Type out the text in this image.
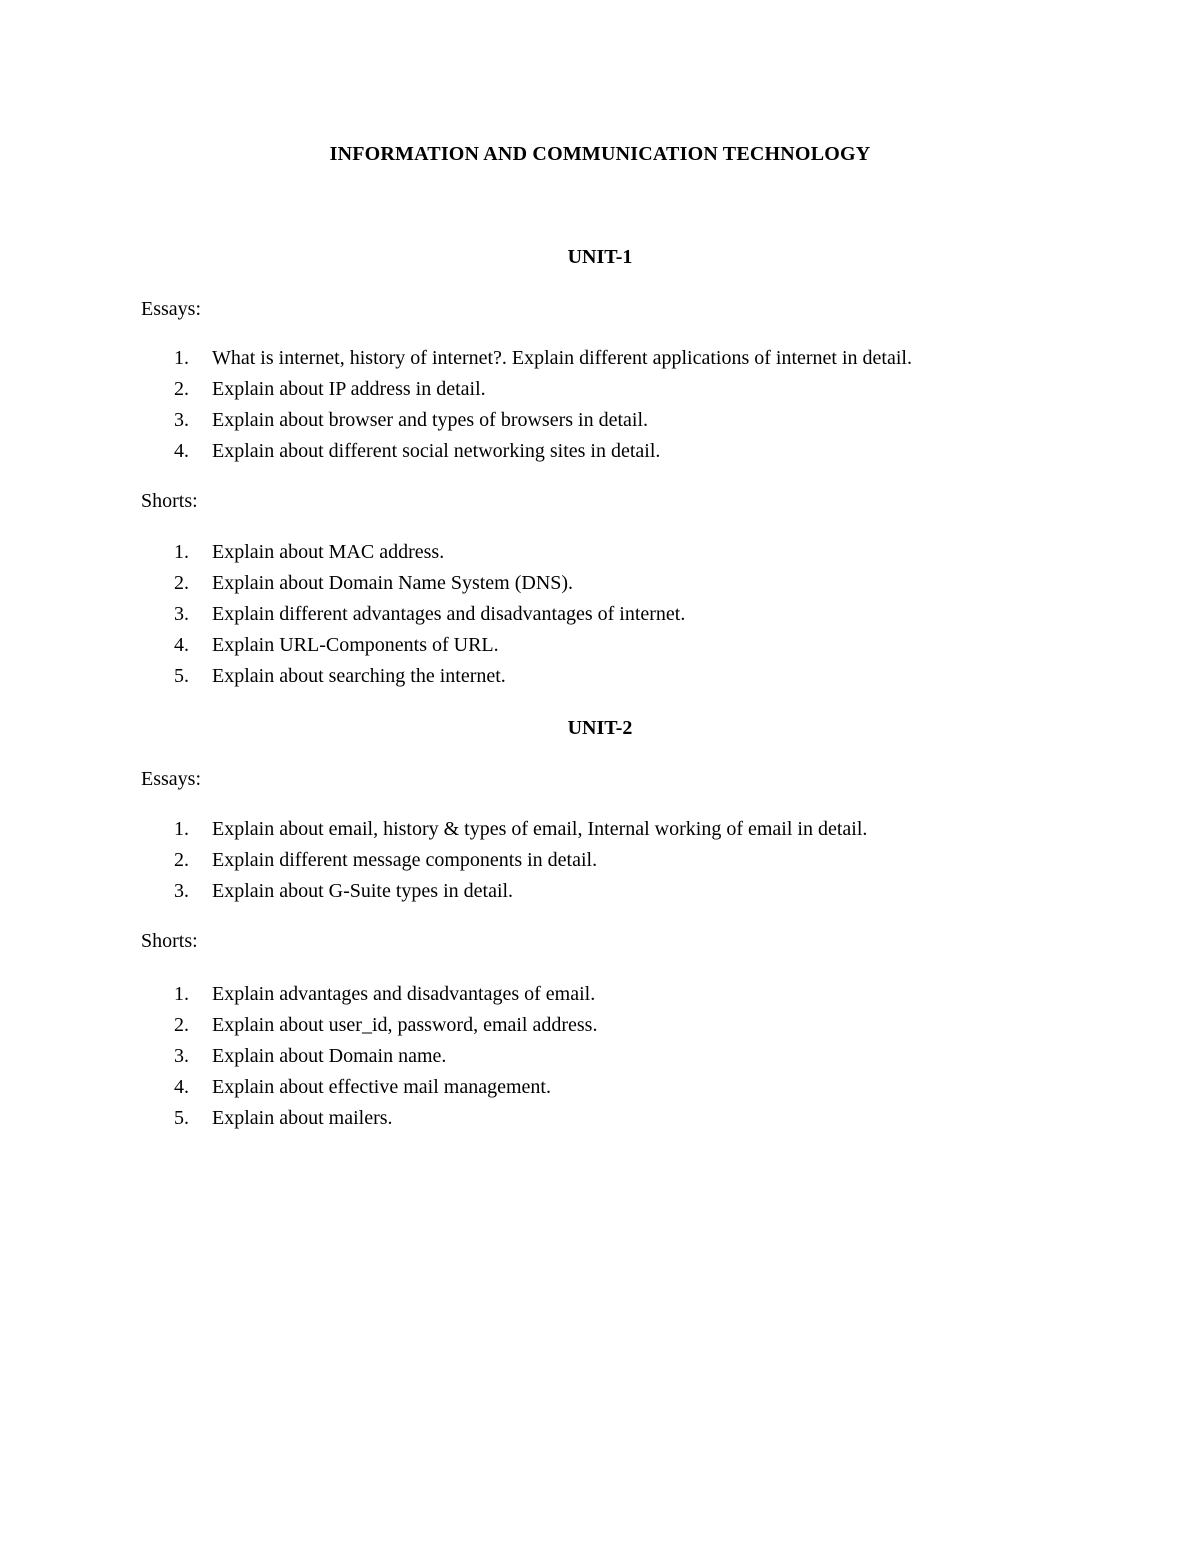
INFORMATION AND COMMUNICATION TECHNOLOGY
UNIT-1

Essays:

1. What is internet, history of internet?. Explain different applications of internet in detail.
2. Explain about IP address in detail.
3. Explain about browser and types of browsers in detail.
4. Explain about different social networking sites in detail.

Shorts:

1. Explain about MAC address.
2. Explain about Domain Name System (DNS).
3. Explain different advantages and disadvantages of internet.
4. Explain URL-Components of URL.
5. Explain about searching the internet.
UNIT-2

Essays:

1. Explain about email, history & types of email, Internal working of email in detail.
2. Explain different message components in detail.
3. Explain about G-Suite types in detail.

Shorts:

1. Explain advantages and disadvantages of email.
2. Explain about user_id, password, email address.
3. Explain about Domain name.
4. Explain about effective mail management.
5. Explain about mailers.
